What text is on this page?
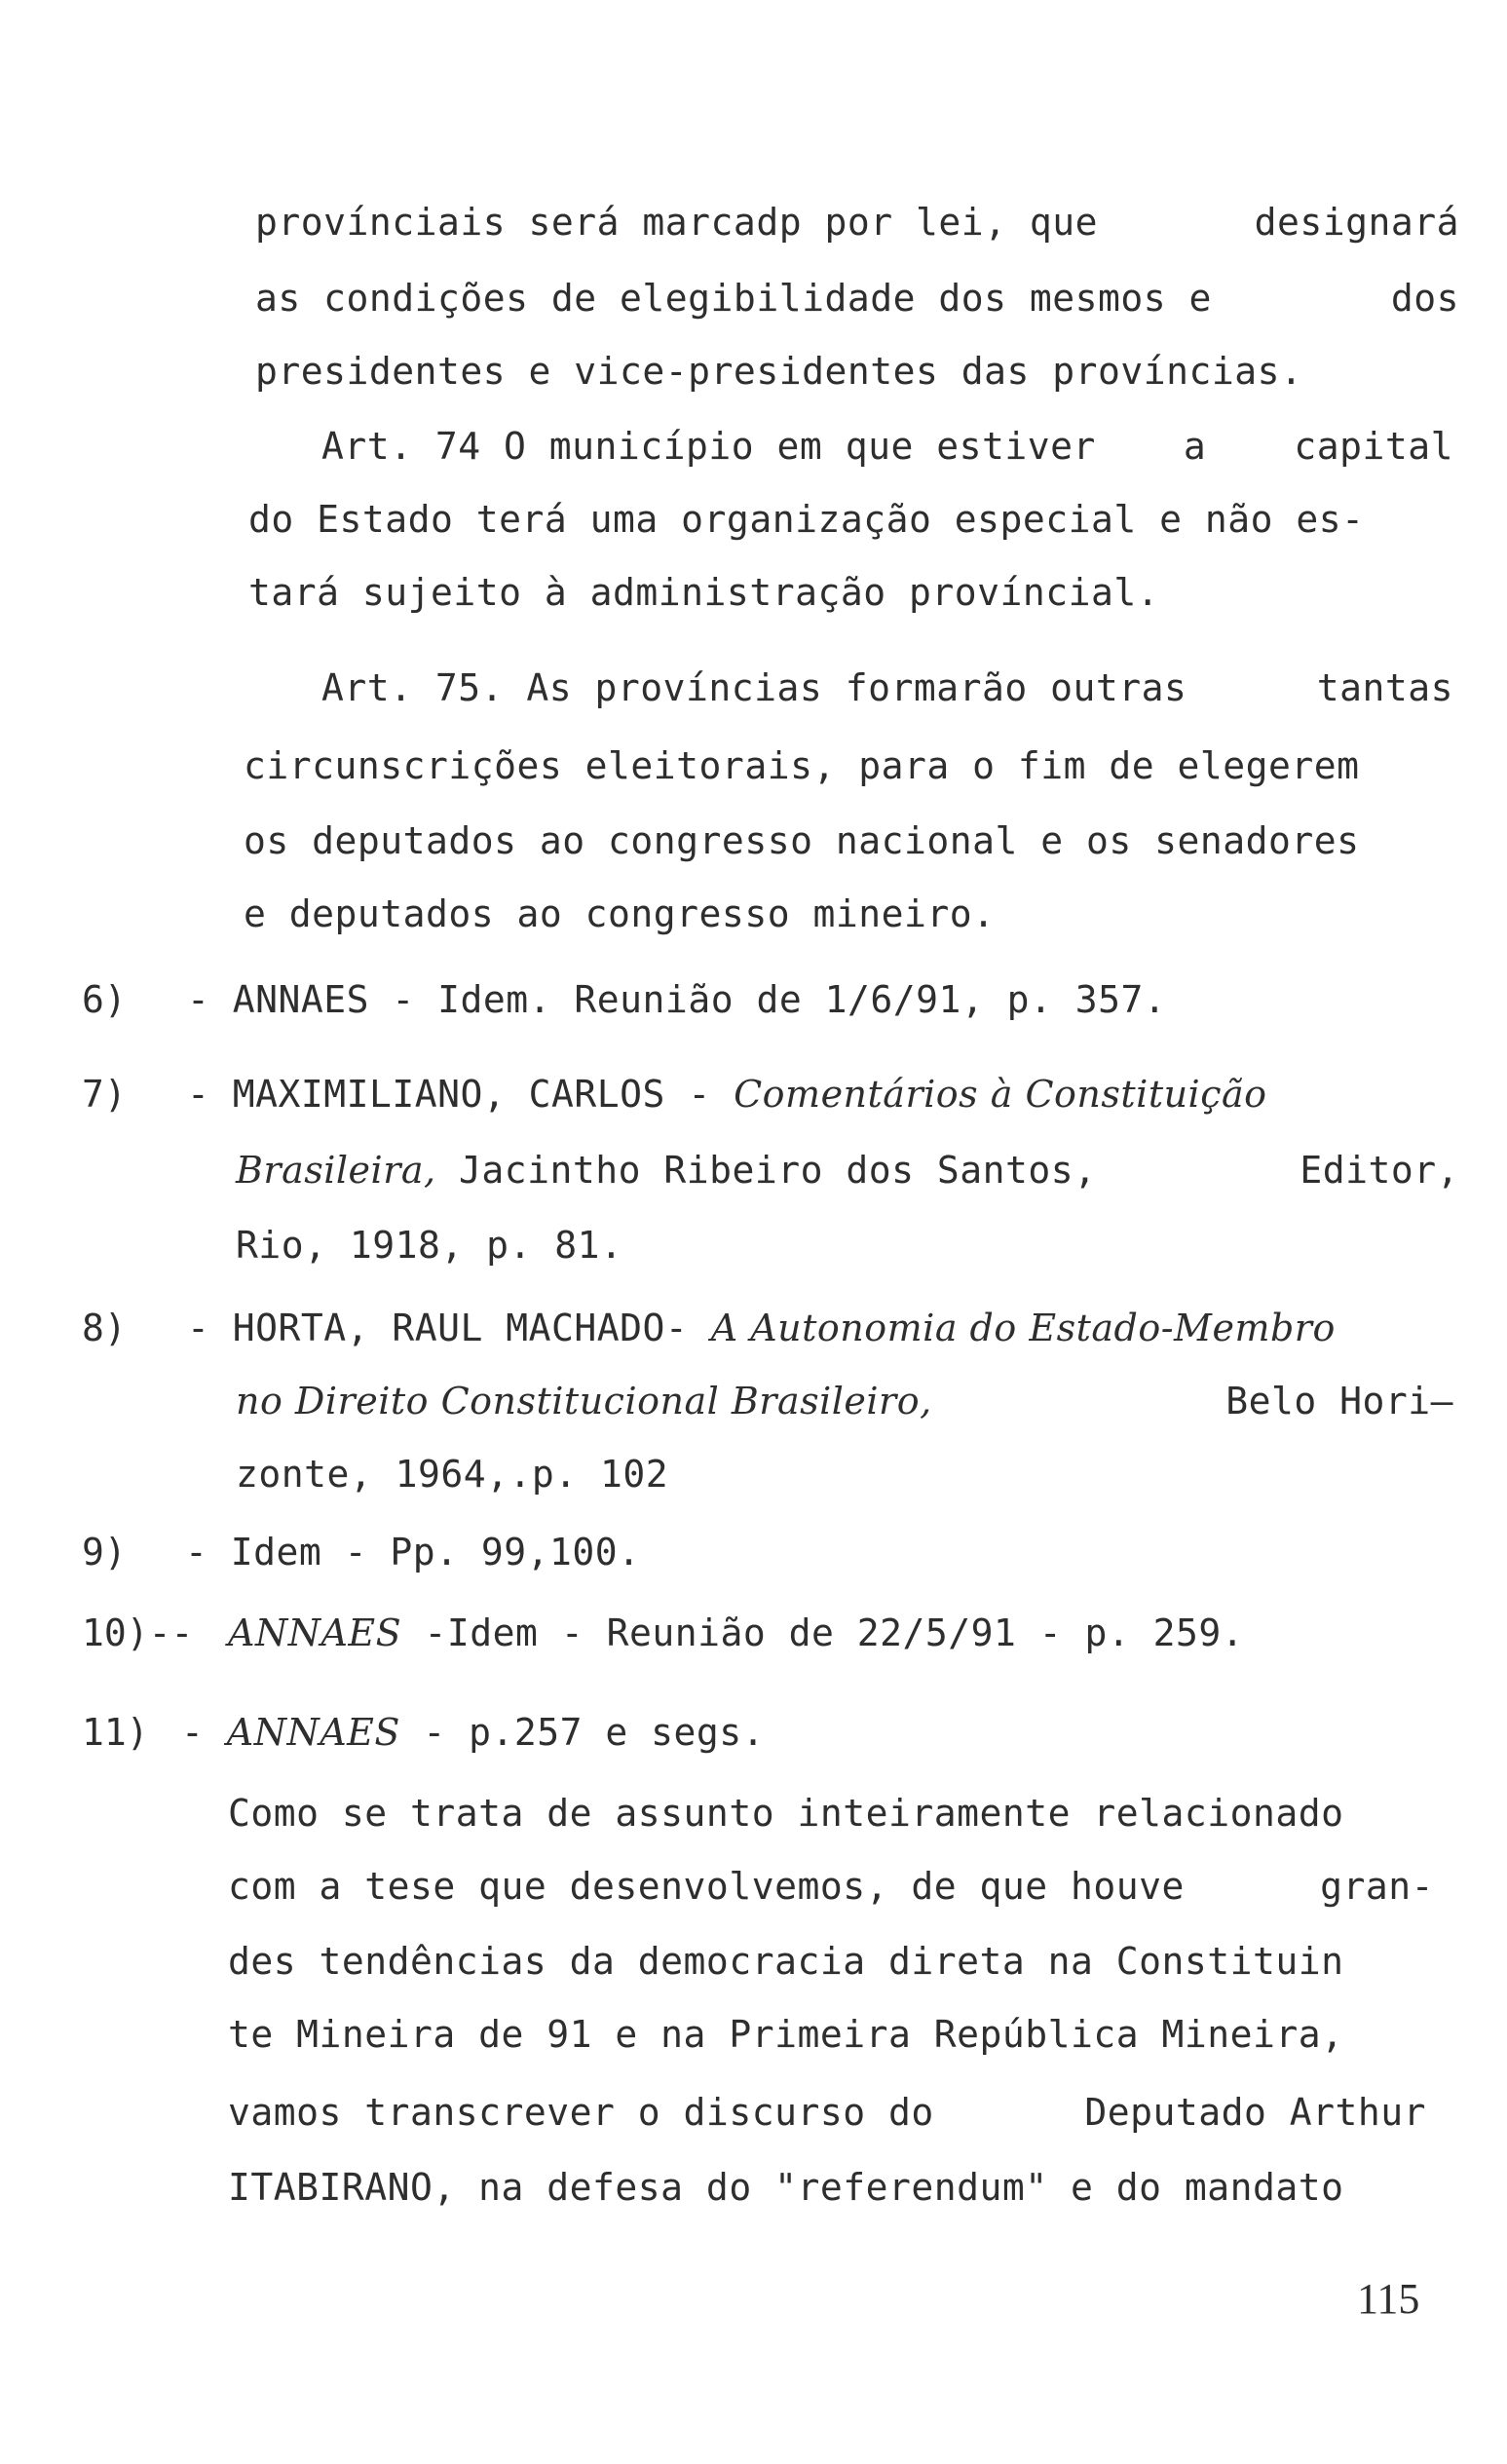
provínciais será marcadp por lei, que	designará
as condições de elegibilidade dos mesmos e	dos
presidentes e vice-presidentes das províncias.
Art. 74 O município em que estiver a capital
do Estado terá uma organização especial e não es-
tará sujeito à administração províncial.
Art. 75. As províncias formarão outras	tantas
circunscrições eleitorais, para o fim de elegerem
os deputados ao congresso nacional e os senadores
e deputados ao congresso mineiro.
6) - ANNAES - Idem. Reunião de 1/6/91, p. 357.
7) - MAXIMILIANO, CARLOS - Comentários à Constituição
Brasileira, Jacintho Ribeiro dos Santos,	Editor,
Rio, 1918, p. 81.
8) - HORTA, RAUL MACHADO- A Autonomia do Estado-Membro
no Direito Constitucional Brasileiro,	Belo Hori—
zonte, 1964,.p. 102
9) - Idem - Pp. 99,100.
10)-- ANNAES -Idem - Reunião de 22/5/91 - p. 259.
11) - ANNAES - p.257 e segs.
Como se trata de assunto inteiramente relacionado
com a tese que desenvolvemos, de que houve	gran-
des tendências da democracia direta na Constituin
te Mineira de 91 e na Primeira República Mineira,
vamos transcrever o discurso do	Deputado Arthur
ITABIRANO, na defesa do "referendum" e do mandato
115
